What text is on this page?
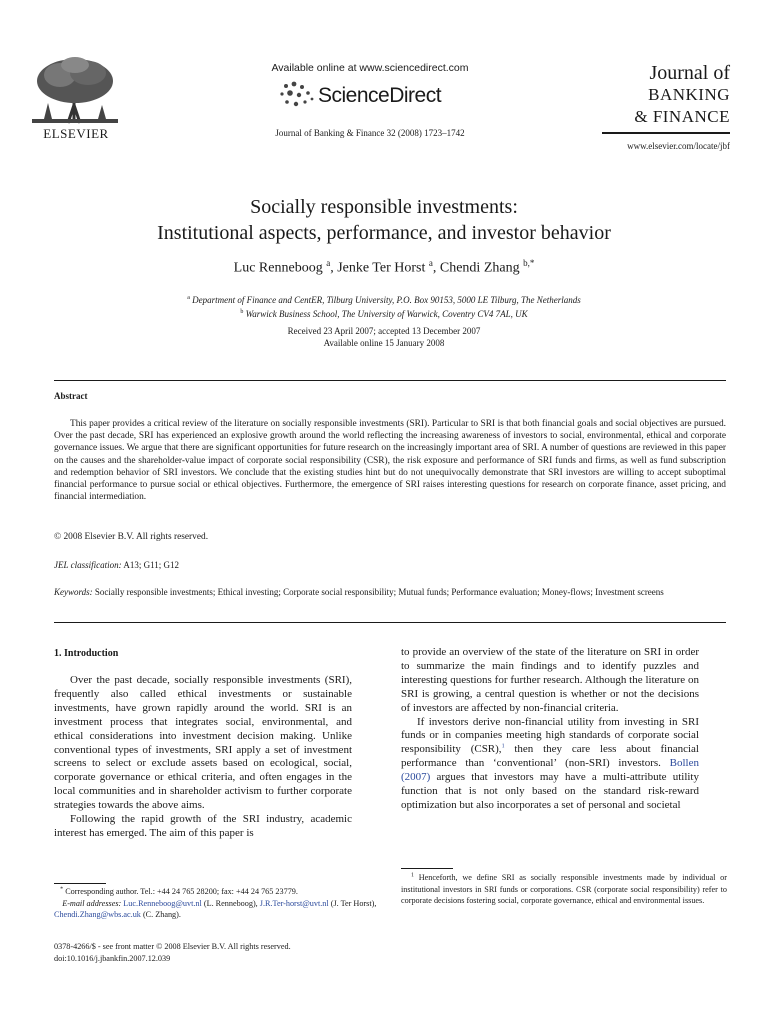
ELSEVIER
Available online at www.sciencedirect.com
ScienceDirect
Journal of Banking & Finance 32 (2008) 1723–1742
Journal of
BANKING
& FINANCE
www.elsevier.com/locate/jbf
Socially responsible investments:
Institutional aspects, performance, and investor behavior
Luc Renneboog $^a$, Jenke Ter Horst $^a$, Chendi Zhang $^{b,*}$
$^a$ Department of Finance and CentER, Tilburg University, P.O. Box 90153, 5000 LE Tilburg, The Netherlands
$^b$ Warwick Business School, The University of Warwick, Coventry CV4 7AL, UK
Received 23 April 2007; accepted 13 December 2007
Available online 15 January 2008
Abstract
This paper provides a critical review of the literature on socially responsible investments (SRI). Particular to SRI is that both financial goals and social objectives are pursued. Over the past decade, SRI has experienced an explosive growth around the world reflecting the increasing awareness of investors to social, environmental, ethical and corporate governance issues. We argue that there are significant opportunities for future research on the increasingly important area of SRI. A number of questions are reviewed in this paper on the causes and the shareholder-value impact of corporate social responsibility (CSR), the risk exposure and performance of SRI funds and firms, as well as fund subscription and redemption behavior of SRI investors. We conclude that the existing studies hint but do not unequivocally demonstrate that SRI investors are willing to accept suboptimal financial performance to pursue social or ethical objectives. Furthermore, the emergence of SRI raises interesting questions for research on corporate finance, asset pricing, and financial intermediation.
© 2008 Elsevier B.V. All rights reserved.
JEL classification: A13; G11; G12
Keywords: Socially responsible investments; Ethical investing; Corporate social responsibility; Mutual funds; Performance evaluation; Money-flows; Investment screens
1. Introduction

Over the past decade, socially responsible investments (SRI), frequently also called ethical investments or sustainable investments, have grown rapidly around the world. SRI is an investment process that integrates social, environmental, and ethical considerations into investment decision making. Unlike conventional types of investments, SRI apply a set of investment screens to select or exclude assets based on ecological, social, corporate governance or ethical criteria, and often engages in the local communities and in shareholder activism to further corporate strategies towards the above aims.

Following the rapid growth of the SRI industry, academic interest has emerged. The aim of this paper is

to provide an overview of the state of the literature on SRI in order to summarize the main findings and to identify puzzles and interesting questions for further research. Although the literature on SRI is growing, a central question is whether or not the decisions of investors are affected by non-financial criteria.

If investors derive non-financial utility from investing in SRI funds or in companies meeting high standards of corporate social responsibility (CSR),$^1$ then they care less about financial performance than ‘conventional’ (non-SRI) investors. Bollen (2007) argues that investors may have a multi-attribute utility function that is not only based on the standard risk-reward optimization but also incorporates a set of personal and societal

* Corresponding author. Tel.: +44 24 765 28200; fax: +44 24 765 23779.

E-mail addresses: Luc.Renneboog@uvt.nl (L. Renneboog), J.R.Ter-horst@uvt.nl (J. Ter Horst), Chendi.Zhang@wbs.ac.uk (C. Zhang).

$^1$ Henceforth, we define SRI as socially responsible investments made by individual or institutional investors in SRI funds or corporations. CSR (corporate social responsibility) refer to corporate decisions fostering social, corporate governance, ethical and environmental issues.
0378-4266/$ - see front matter © 2008 Elsevier B.V. All rights reserved.
doi:10.1016/j.jbankfin.2007.12.039
